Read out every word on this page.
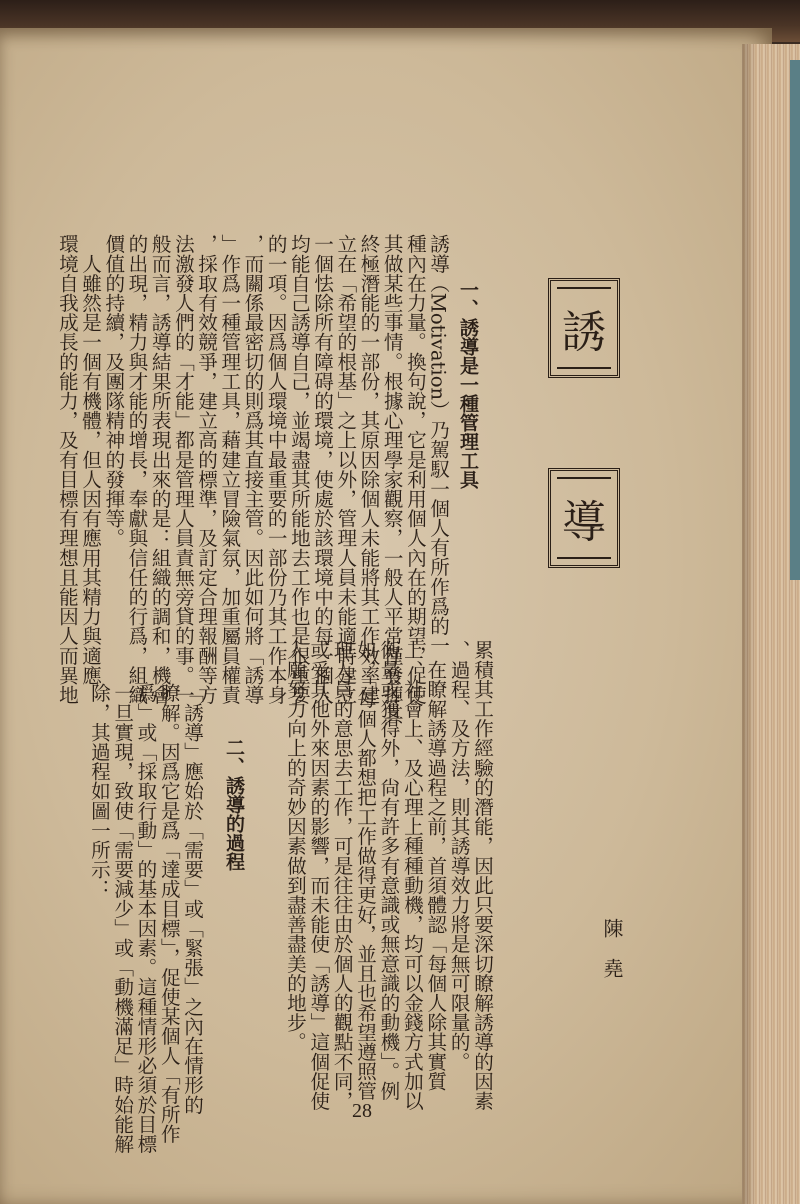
誘
導
陳　堯
一、誘導是一種管理工具
誘導（Motivation）乃駕馭一個人有所作爲的一
種內在力量。換句說，它是利用個人內在的期望，促使
其做某些事情。根據心理學家觀察，一般人平常僅發揮其
終極潛能的一部份，其原因除個人未能將其工作效率建
立在「希望的根基」之上以外，管理人員未能適時建立
一個怯除所有障碍的環境，使處於該環境中的每一個人
均能自己誘導自己，並竭盡其所能地去工作也是很重要
的一項。因爲個人環境中最重要的一部份乃其工作本身
，而關係最密切的則爲其直接主管。因此如何將「誘導
」作爲一種管理工具，藉建立冒險氣氛，加重屬員權責
，採取有效競爭，建立高的標準，及訂定合理報酬等方
法激發人們的「才能」都是管理人員責無旁貸的事。一
般而言，誘導結果所表現出來的是：組織的調和，機會
的出現，精力與才能的增長，奉獻與信任的行爲，組織
價值的持續，及團隊精神的發揮等。
　人雖然是一個有機體，但人因有應用其精力與適應
環境自我成長的能力，及有目標有理想且能因人而異地
累積其工作經驗的潛能，因此只要深切瞭解誘導的因素
、過程、及方法，則其誘導效力將是無可限量的。
　在瞭解誘導過程之前，首須體認「每個人除其實質
上、社會上、及心理上種種動機，均可以金錢方式加以
衡量或獲得外，尙有許多有意識或無意識的動機」。例
如，「每個人都想把工作做得更好，並且也希望遵照管
理人員的意思去工作，可是往往由於個人的觀點不同，
或受其他外來因素的影響，而未能使「誘導」這個促使
人願努力向上的奇妙因素做到盡善盡美的地步。
二、誘導的過程
「誘導」應始於「需要」或「緊張」之內在情形的
瞭解。因爲它是爲「達成目標」，促使某個人「有所作
爲」或「採取行動」的基本因素。這種情形必須於目標
一旦實現，致使「需要減少」或「動機滿足」時始能解
除，其過程如圖一所示：
28
